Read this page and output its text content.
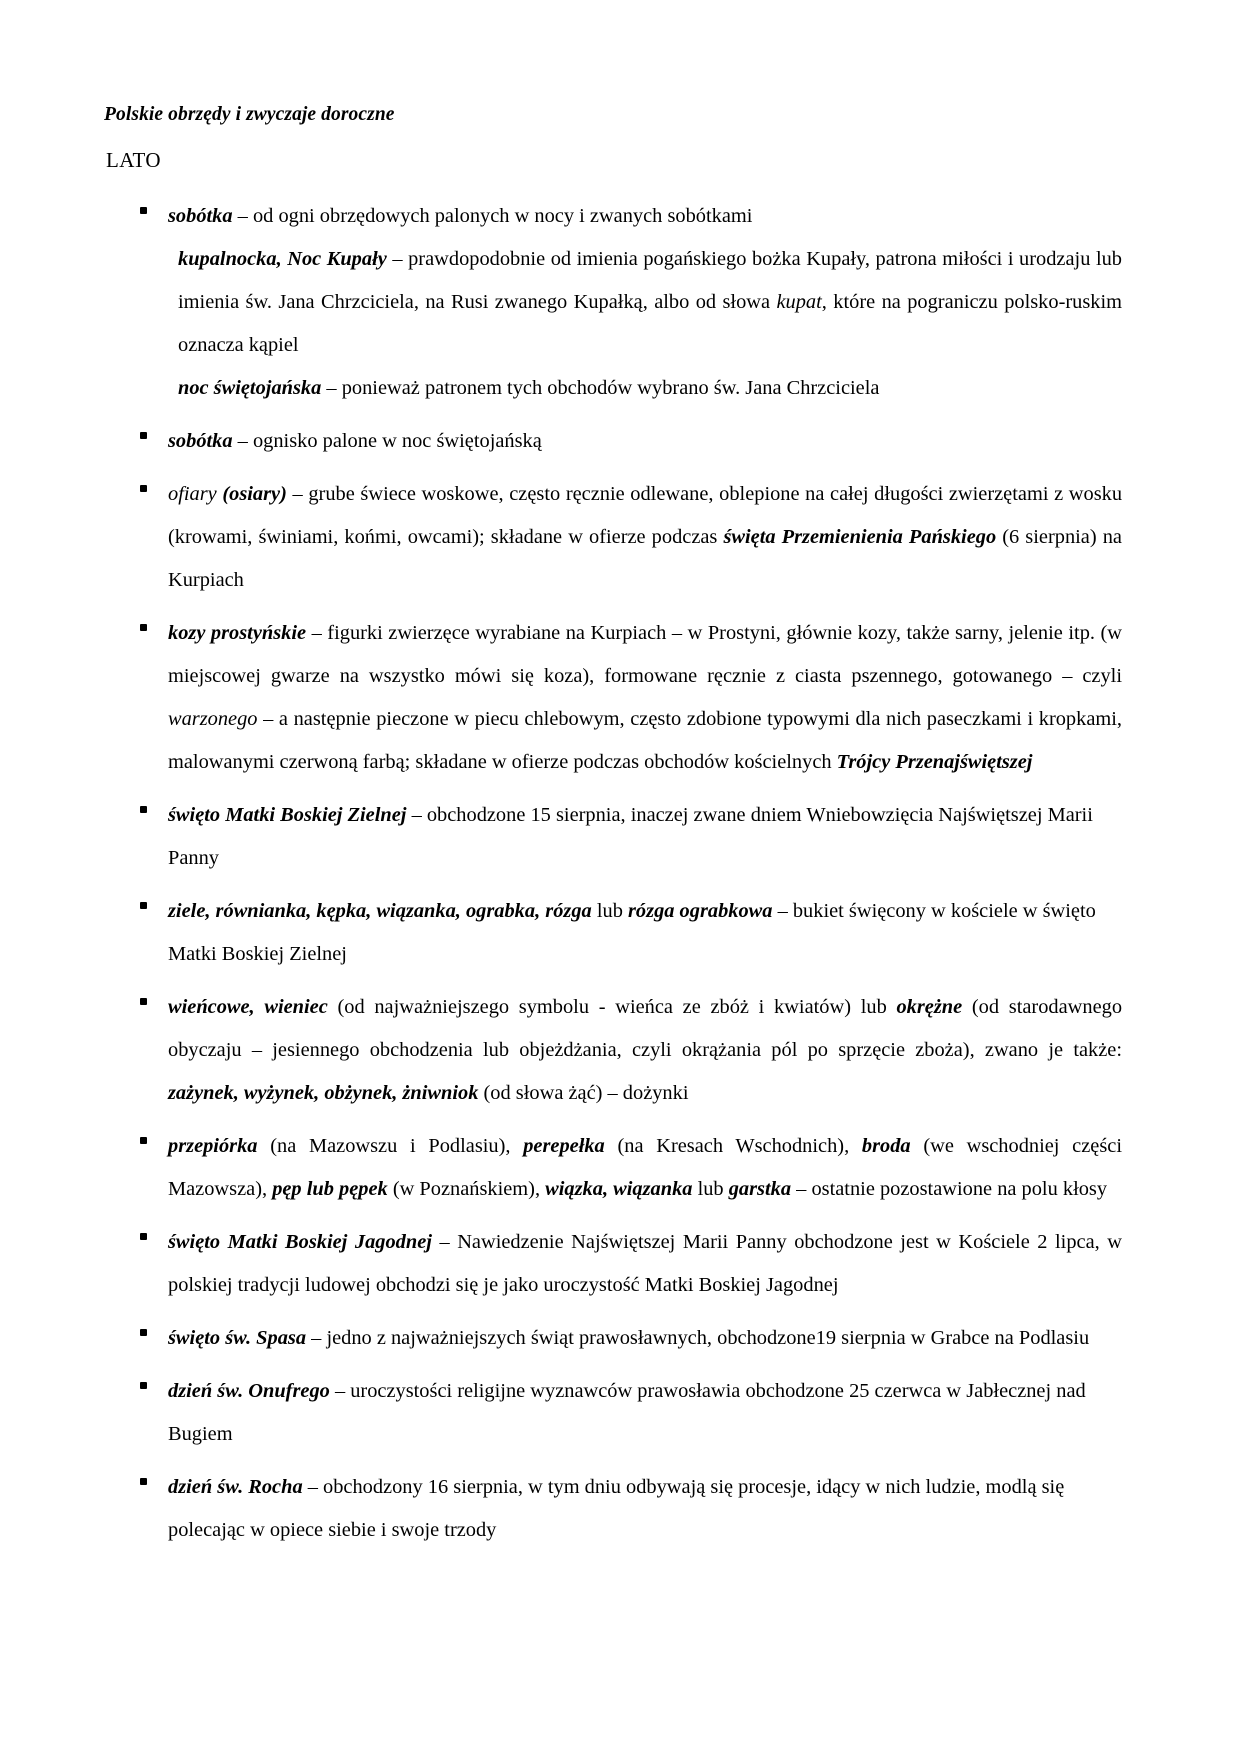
Polskie obrzędy i zwyczaje doroczne
LATO

sobótka – od ogni obrzędowych palonych w nocy i zwanych sobótkami

kupalnocka, Noc Kupały – prawdopodobnie od imienia pogańskiego bożka Kupały, patrona miłości i urodzaju lub imienia św. Jana Chrzciciela, na Rusi zwanego Kupałką, albo od słowa kupat, które na pograniczu polsko-ruskim oznacza kąpiel

noc świętojańska – ponieważ patronem tych obchodów wybrano św. Jana Chrzciciela

sobótka – ognisko palone w noc świętojańską

ofiary (osiary) – grube świece woskowe, często ręcznie odlewane, oblepione na całej długości zwierzętami z wosku (krowami, świniami, końmi, owcami); składane w ofierze podczas święta Przemienienia Pańskiego (6 sierpnia) na Kurpiach

kozy prostyńskie – figurki zwierzęce wyrabiane na Kurpiach – w Prostyni, głównie kozy, także sarny, jelenie itp. (w miejscowej gwarze na wszystko mówi się koza), formowane ręcznie z ciasta pszennego, gotowanego – czyli warzonego – a następnie pieczone w piecu chlebowym, często zdobione typowymi dla nich paseczkami i kropkami, malowanymi czerwoną farbą; składane w ofierze podczas obchodów kościelnych Trójcy Przenajświętszej

święto Matki Boskiej Zielnej – obchodzone 15 sierpnia, inaczej zwane dniem Wniebowzięcia Najświętszej Marii Panny

ziele, równianka, kępka, wiązanka, ograbka, rózga lub rózga ograbkowa – bukiet święcony w kościele w święto Matki Boskiej Zielnej

wieńcowe, wieniec (od najważniejszego symbolu - wieńca ze zbóż i kwiatów) lub okrężne (od starodawnego obyczaju – jesiennego obchodzenia lub objeżdżania, czyli okrążania pól po sprzęcie zboża), zwano je także: zażynek, wyżynek, obżynek, żniwniok (od słowa żąć) – dożynki

przepiórka (na Mazowszu i Podlasiu), perepełka (na Kresach Wschodnich), broda (we wschodniej części Mazowsza), pęp lub pępek (w Poznańskiem), wiązka, wiązanka lub garstka – ostatnie pozostawione na polu kłosy

święto Matki Boskiej Jagodnej – Nawiedzenie Najświętszej Marii Panny obchodzone jest w Kościele 2 lipca, w polskiej tradycji ludowej obchodzi się je jako uroczystość Matki Boskiej Jagodnej

święto św. Spasa – jedno z najważniejszych świąt prawosławnych, obchodzone19 sierpnia w Grabce na Podlasiu

dzień św. Onufrego – uroczystości religijne wyznawców prawosławia obchodzone 25 czerwca w Jabłecznej nad Bugiem

dzień św. Rocha – obchodzony 16 sierpnia, w tym dniu odbywają się procesje, idący w nich ludzie, modlą się polecając w opiece siebie i swoje trzody
